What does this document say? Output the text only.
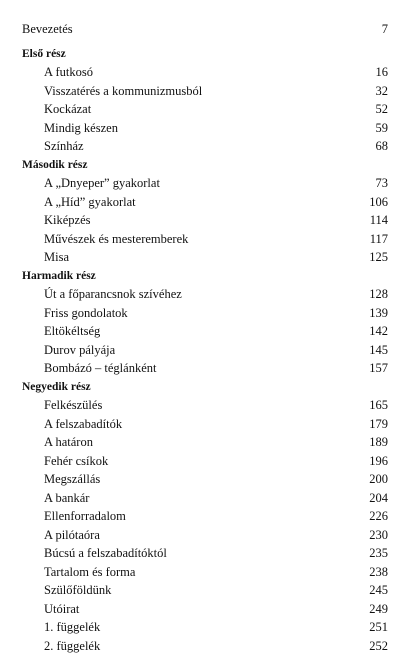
Bevezetés	7
Első rész
A futkosó	16
Visszatérés a kommunizmusból	32
Kockázat	52
Mindig készen	59
Színház	68
Második rész
A „Dnyeper” gyakorlat	73
A „Híd” gyakorlat	106
Kiképzés	114
Művészek és mesteremberek	117
Misa	125
Harmadik rész
Út a főparancsnok szívéhez	128
Friss gondolatok	139
Eltökéltség	142
Durov pályája	145
Bombázó – téglánként	157
Negyedik rész
Felkészülés	165
A felszabadítók	179
A határon	189
Fehér csíkok	196
Megszállás	200
A bankár	204
Ellenforradalom	226
A pilótaóra	230
Búcsú a felszabadítóktól	235
Tartalom és forma	238
Szülőföldünk	245
Utóirat	249
1. függelék	251
2. függelék	252
